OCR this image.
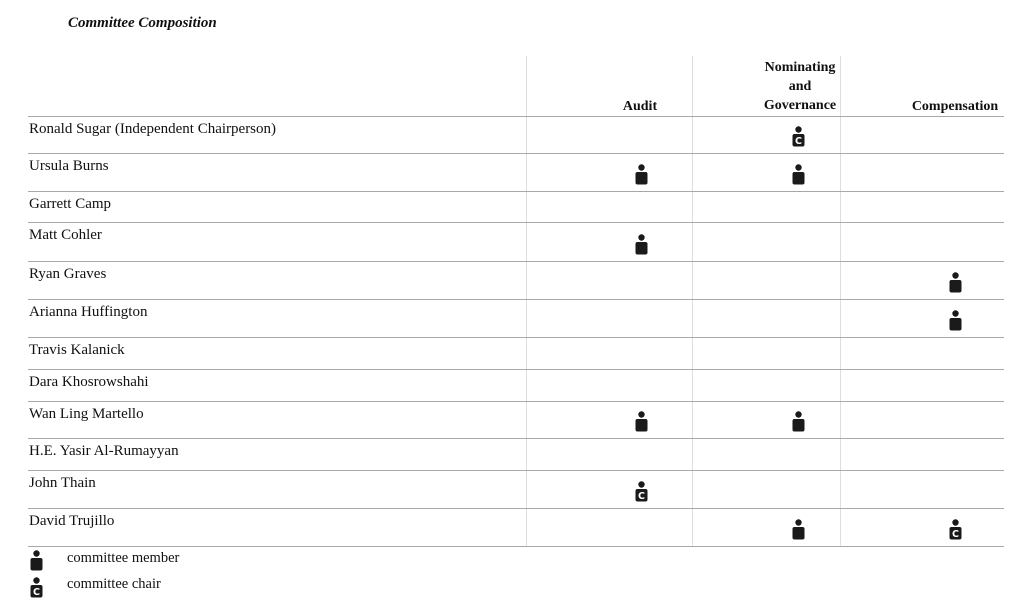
Committee Composition
Audit
Nominating
and
Governance	Compensation
Ronald Sugar (Independent Chairperson)
C
Ursula Burns
Garrett Camp
Matt Cohler
Ryan Graves
Arianna Huffington
Travis Kalanick
Dara Khosrowshahi
Wan Ling Martello
H.E. Yasir Al-Rumayyan
John Thain
C
David Trujillo
C
committee member
C
committee chair
